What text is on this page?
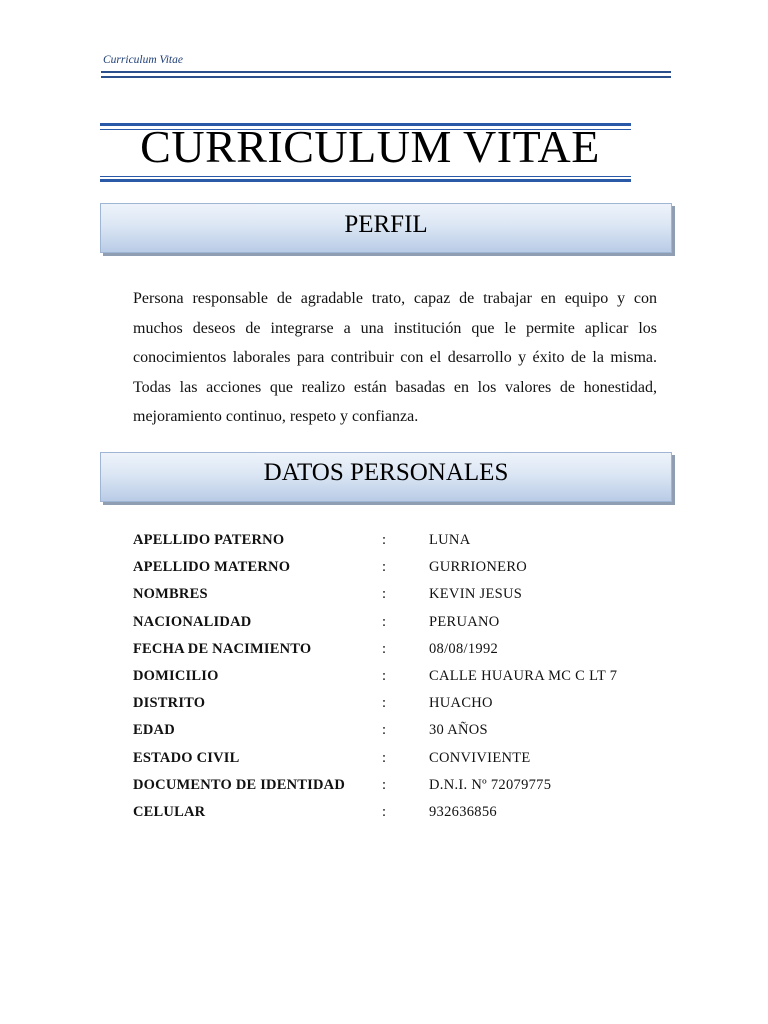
Curriculum Vitae
CURRICULUM VITAE
PERFIL

Persona responsable de agradable trato, capaz de trabajar en equipo y con muchos deseos de integrarse a una institución que le permite aplicar los conocimientos laborales para contribuir con el desarrollo y éxito de la misma. Todas las acciones que realizo están basadas en los valores de honestidad, mejoramiento continuo, respeto y confianza.

DATOS PERSONALES
APELLIDO PATERNO	:	LUNA
APELLIDO MATERNO	:	GURRIONERO
NOMBRES	:	KEVIN JESUS
NACIONALIDAD	:	PERUANO
FECHA DE NACIMIENTO	:	08/08/1992
DOMICILIO	:	CALLE HUAURA MC C LT 7
DISTRITO	:	HUACHO
EDAD	:	30 AÑOS
ESTADO CIVIL	:	CONVIVIENTE
DOCUMENTO DE IDENTIDAD	:	D.N.I. Nº 72079775
CELULAR	:	932636856
